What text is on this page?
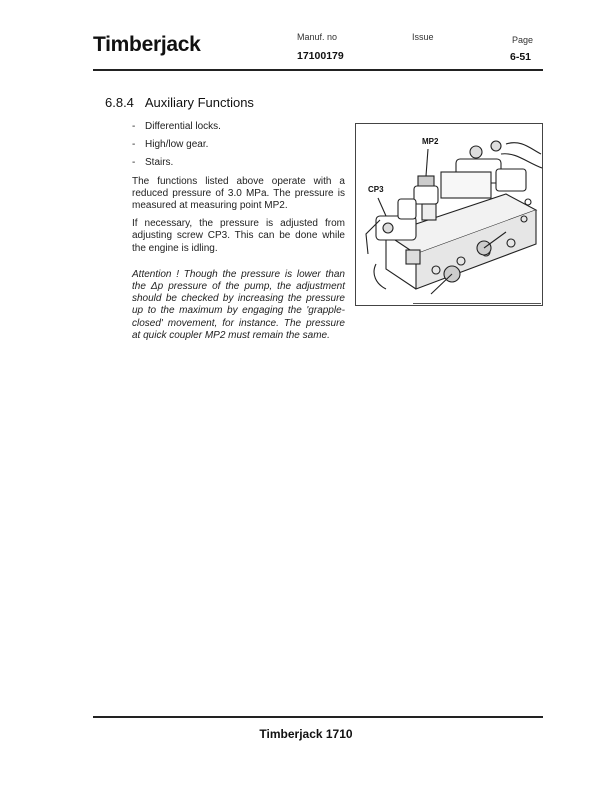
Timberjack	Manuf. no
17100179
Issue	Page
6-51
6.8.4 Auxiliary Functions
- Differential locks.
- High/low gear.
- Stairs.

The functions listed above operate with a reduced pressure of 3.0 MPa. The pressure is measured at measuring point MP2.

If necessary, the pressure is adjusted from adjusting screw CP3. This can be done while the engine is idling.

Attention ! Though the pressure is lower than the Δp pressure of the pump, the adjustment should be checked by increasing the pressure up to the maximum by engaging the 'grapple-closed' movement, for instance. The pressure at quick coupler MP2 must remain the same.

MP2
CP3
Timberjack 1710
